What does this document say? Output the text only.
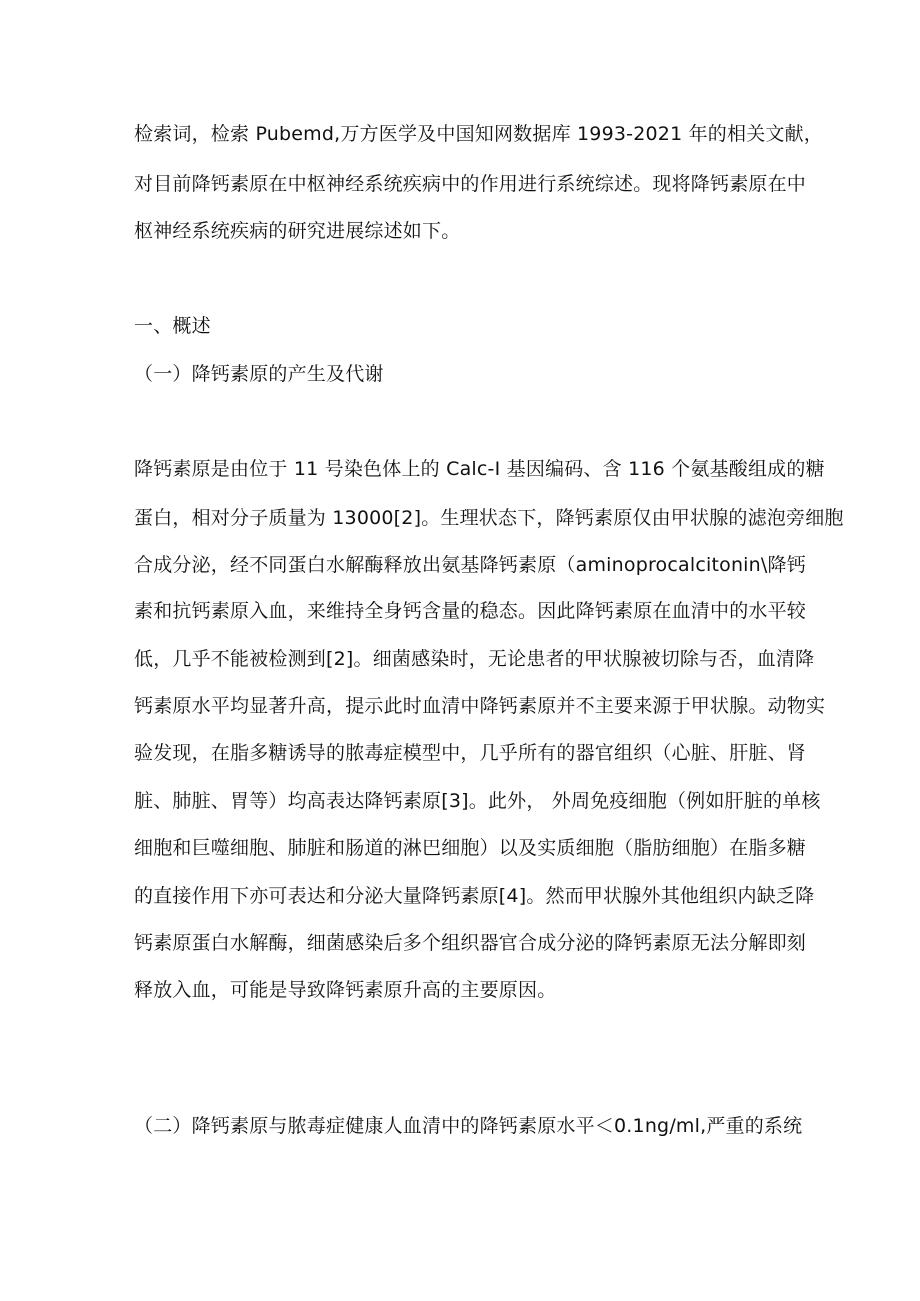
检索词，检索 Pubemd,万方医学及中国知网数据库 1993-2021 年的相关文献，
对目前降钙素原在中枢神经系统疾病中的作用进行系统综述。现将降钙素原在中
枢神经系统疾病的研究进展综述如下。
一、概述
（一）降钙素原的产生及代谢
降钙素原是由位于 11 号染色体上的 Calc-I 基因编码、含 116 个氨基酸组成的糖
蛋白，相对分子质量为 13000[2]。生理状态下，降钙素原仅由甲状腺的滤泡旁细胞
合成分泌，经不同蛋白水解酶释放出氨基降钙素原（aminoprocalcitonin\降钙
素和抗钙素原入血，来维持全身钙含量的稳态。因此降钙素原在血清中的水平较
低，几乎不能被检测到[2]。细菌感染时，无论患者的甲状腺被切除与否，血清降
钙素原水平均显著升高，提示此时血清中降钙素原并不主要来源于甲状腺。动物实
验发现，在脂多糖诱导的脓毒症模型中，几乎所有的器官组织（心脏、肝脏、肾
脏、肺脏、胃等）均高表达降钙素原[3]。此外， 外周免疫细胞（例如肝脏的单核
细胞和巨噬细胞、肺脏和肠道的淋巴细胞）以及实质细胞（脂肪细胞）在脂多糖
的直接作用下亦可表达和分泌大量降钙素原[4]。然而甲状腺外其他组织内缺乏降
钙素原蛋白水解酶，细菌感染后多个组织器官合成分泌的降钙素原无法分解即刻
释放入血，可能是导致降钙素原升高的主要原因。
（二）降钙素原与脓毒症健康人血清中的降钙素原水平＜0.1ng/ml,严重的系统
